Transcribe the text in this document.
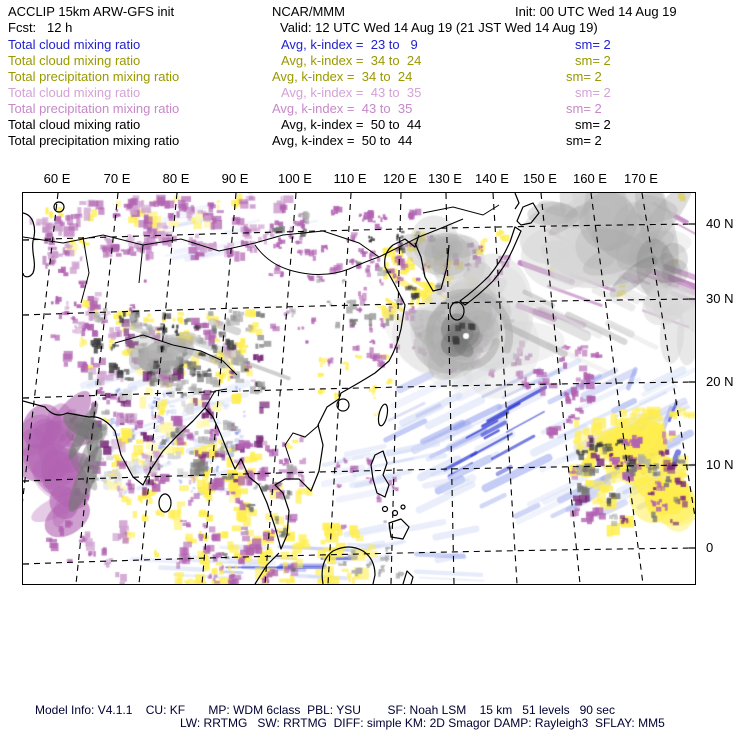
ACCLIP 15km ARW-GFS init	NCAR/MMM	Init: 00 UTC Wed 14 Aug 19
Fcst:   12 h	Valid: 12 UTC Wed 14 Aug 19 (21 JST Wed 14 Aug 19)
Total cloud mixing ratio	Avg, k-index =  23 to   9	sm= 2
Total cloud mixing ratio	Avg, k-index =  34 to  24	sm= 2
Total precipitation mixing ratio	Avg, k-index =  34 to  24	sm= 2
Total cloud mixing ratio	Avg, k-index =  43 to  35	sm= 2
Total precipitation mixing ratio	Avg, k-index =  43 to  35	sm= 2
Total cloud mixing ratio	Avg, k-index =  50 to  44	sm= 2
Total precipitation mixing ratio	Avg, k-index =  50 to  44	sm= 2
60 E	70 E 80 E 90 E 100 E 110 E 120 E 130 E 140 E 150 E 160 E 170 E
40 N
30 N
20 N
10 N
0
Model Info: V4.1.1    CU: KF       MP: WDM 6class  PBL: YSU        SF: Noah LSM    15 km   51 levels   90 sec
LW: RRTMG   SW: RRTMG  DIFF: simple KM: 2D Smagor DAMP: Rayleigh3  SFLAY: MM5
